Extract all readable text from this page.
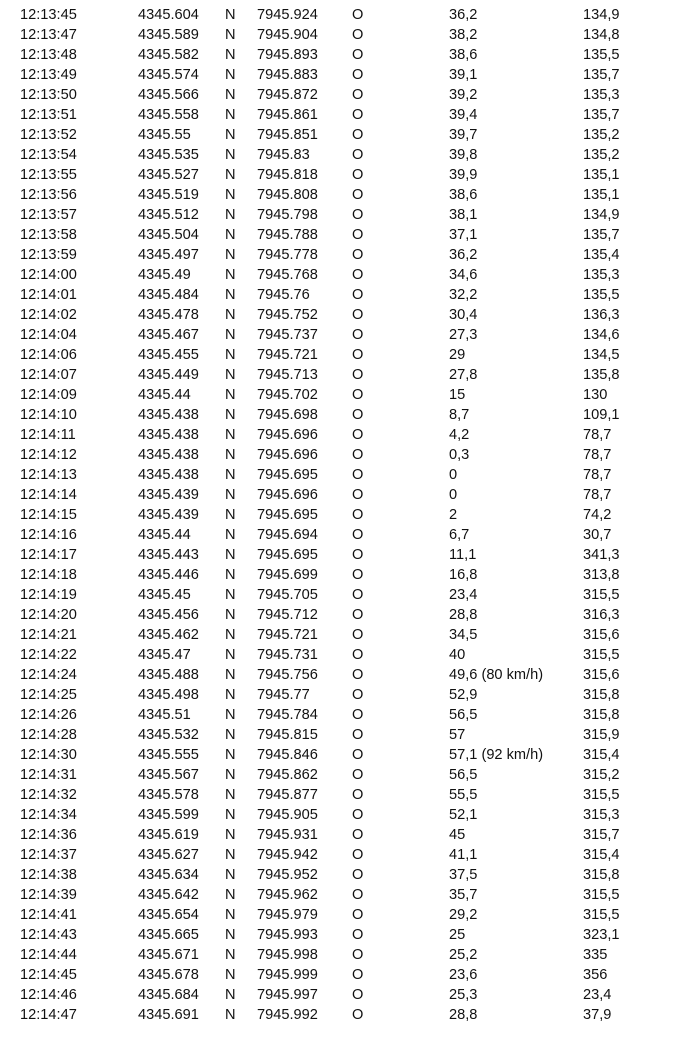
12:13:45	4345.604	N	7945.924	O	36,2	134,9
12:13:47	4345.589	N	7945.904	O	38,2	134,8
12:13:48	4345.582	N	7945.893	O	38,6	135,5
12:13:49	4345.574	N	7945.883	O	39,1	135,7
12:13:50	4345.566	N	7945.872	O	39,2	135,3
12:13:51	4345.558	N	7945.861	O	39,4	135,7
12:13:52	4345.55	N	7945.851	O	39,7	135,2
12:13:54	4345.535	N	7945.83	O	39,8	135,2
12:13:55	4345.527	N	7945.818	O	39,9	135,1
12:13:56	4345.519	N	7945.808	O	38,6	135,1
12:13:57	4345.512	N	7945.798	O	38,1	134,9
12:13:58	4345.504	N	7945.788	O	37,1	135,7
12:13:59	4345.497	N	7945.778	O	36,2	135,4
12:14:00	4345.49	N	7945.768	O	34,6	135,3
12:14:01	4345.484	N	7945.76	O	32,2	135,5
12:14:02	4345.478	N	7945.752	O	30,4	136,3
12:14:04	4345.467	N	7945.737	O	27,3	134,6
12:14:06	4345.455	N	7945.721	O	29	134,5
12:14:07	4345.449	N	7945.713	O	27,8	135,8
12:14:09	4345.44	N	7945.702	O	15	130
12:14:10	4345.438	N	7945.698	O	8,7	109,1
12:14:11	4345.438	N	7945.696	O	4,2	78,7
12:14:12	4345.438	N	7945.696	O	0,3	78,7
12:14:13	4345.438	N	7945.695	O	0	78,7
12:14:14	4345.439	N	7945.696	O	0	78,7
12:14:15	4345.439	N	7945.695	O	2	74,2
12:14:16	4345.44	N	7945.694	O	6,7	30,7
12:14:17	4345.443	N	7945.695	O	11,1	341,3
12:14:18	4345.446	N	7945.699	O	16,8	313,8
12:14:19	4345.45	N	7945.705	O	23,4	315,5
12:14:20	4345.456	N	7945.712	O	28,8	316,3
12:14:21	4345.462	N	7945.721	O	34,5	315,6
12:14:22	4345.47	N	7945.731	O	40	315,5
12:14:24	4345.488	N	7945.756	O	49,6 (80 km/h)	315,6
12:14:25	4345.498	N	7945.77	O	52,9	315,8
12:14:26	4345.51	N	7945.784	O	56,5	315,8
12:14:28	4345.532	N	7945.815	O	57	315,9
12:14:30	4345.555	N	7945.846	O	57,1 (92 km/h)	315,4
12:14:31	4345.567	N	7945.862	O	56,5	315,2
12:14:32	4345.578	N	7945.877	O	55,5	315,5
12:14:34	4345.599	N	7945.905	O	52,1	315,3
12:14:36	4345.619	N	7945.931	O	45	315,7
12:14:37	4345.627	N	7945.942	O	41,1	315,4
12:14:38	4345.634	N	7945.952	O	37,5	315,8
12:14:39	4345.642	N	7945.962	O	35,7	315,5
12:14:41	4345.654	N	7945.979	O	29,2	315,5
12:14:43	4345.665	N	7945.993	O	25	323,1
12:14:44	4345.671	N	7945.998	O	25,2	335
12:14:45	4345.678	N	7945.999	O	23,6	356
12:14:46	4345.684	N	7945.997	O	25,3	23,4
12:14:47	4345.691	N	7945.992	O	28,8	37,9
